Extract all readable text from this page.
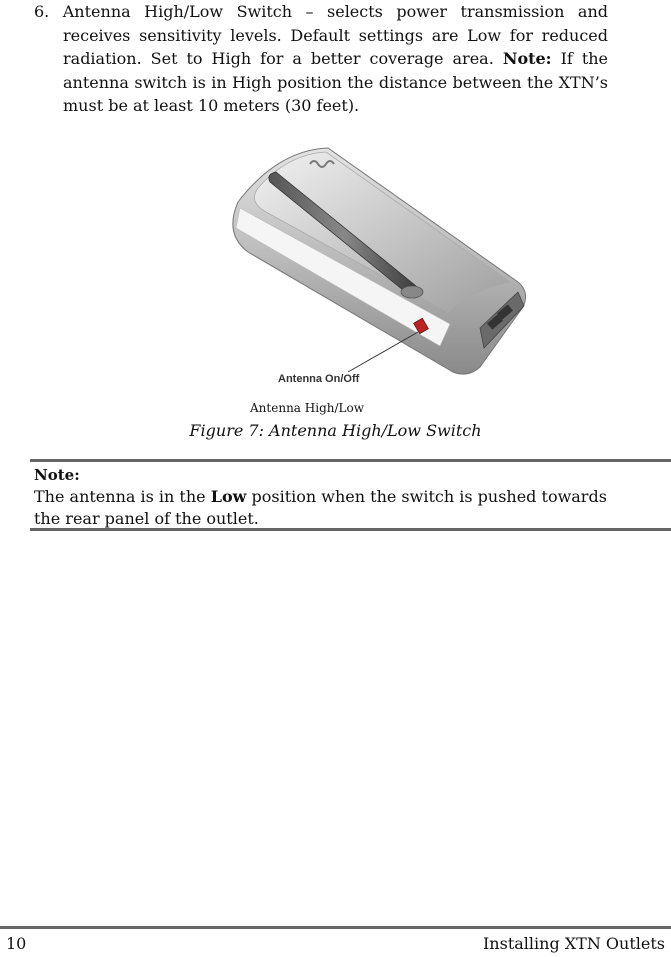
6. Antenna High/Low Switch – selects power transmission and receives sensitivity levels. Default settings are Low for reduced radiation. Set to High for a better coverage area. Note: If the antenna switch is in High position the distance between the XTN’s must be at least 10 meters (30 feet).
Antenna On/Off
Antenna High/Low
Figure 7: Antenna High/Low Switch
Note:
The antenna is in the Low position when the switch is pushed towards the rear panel of the outlet.
10	Installing XTN Outlets
